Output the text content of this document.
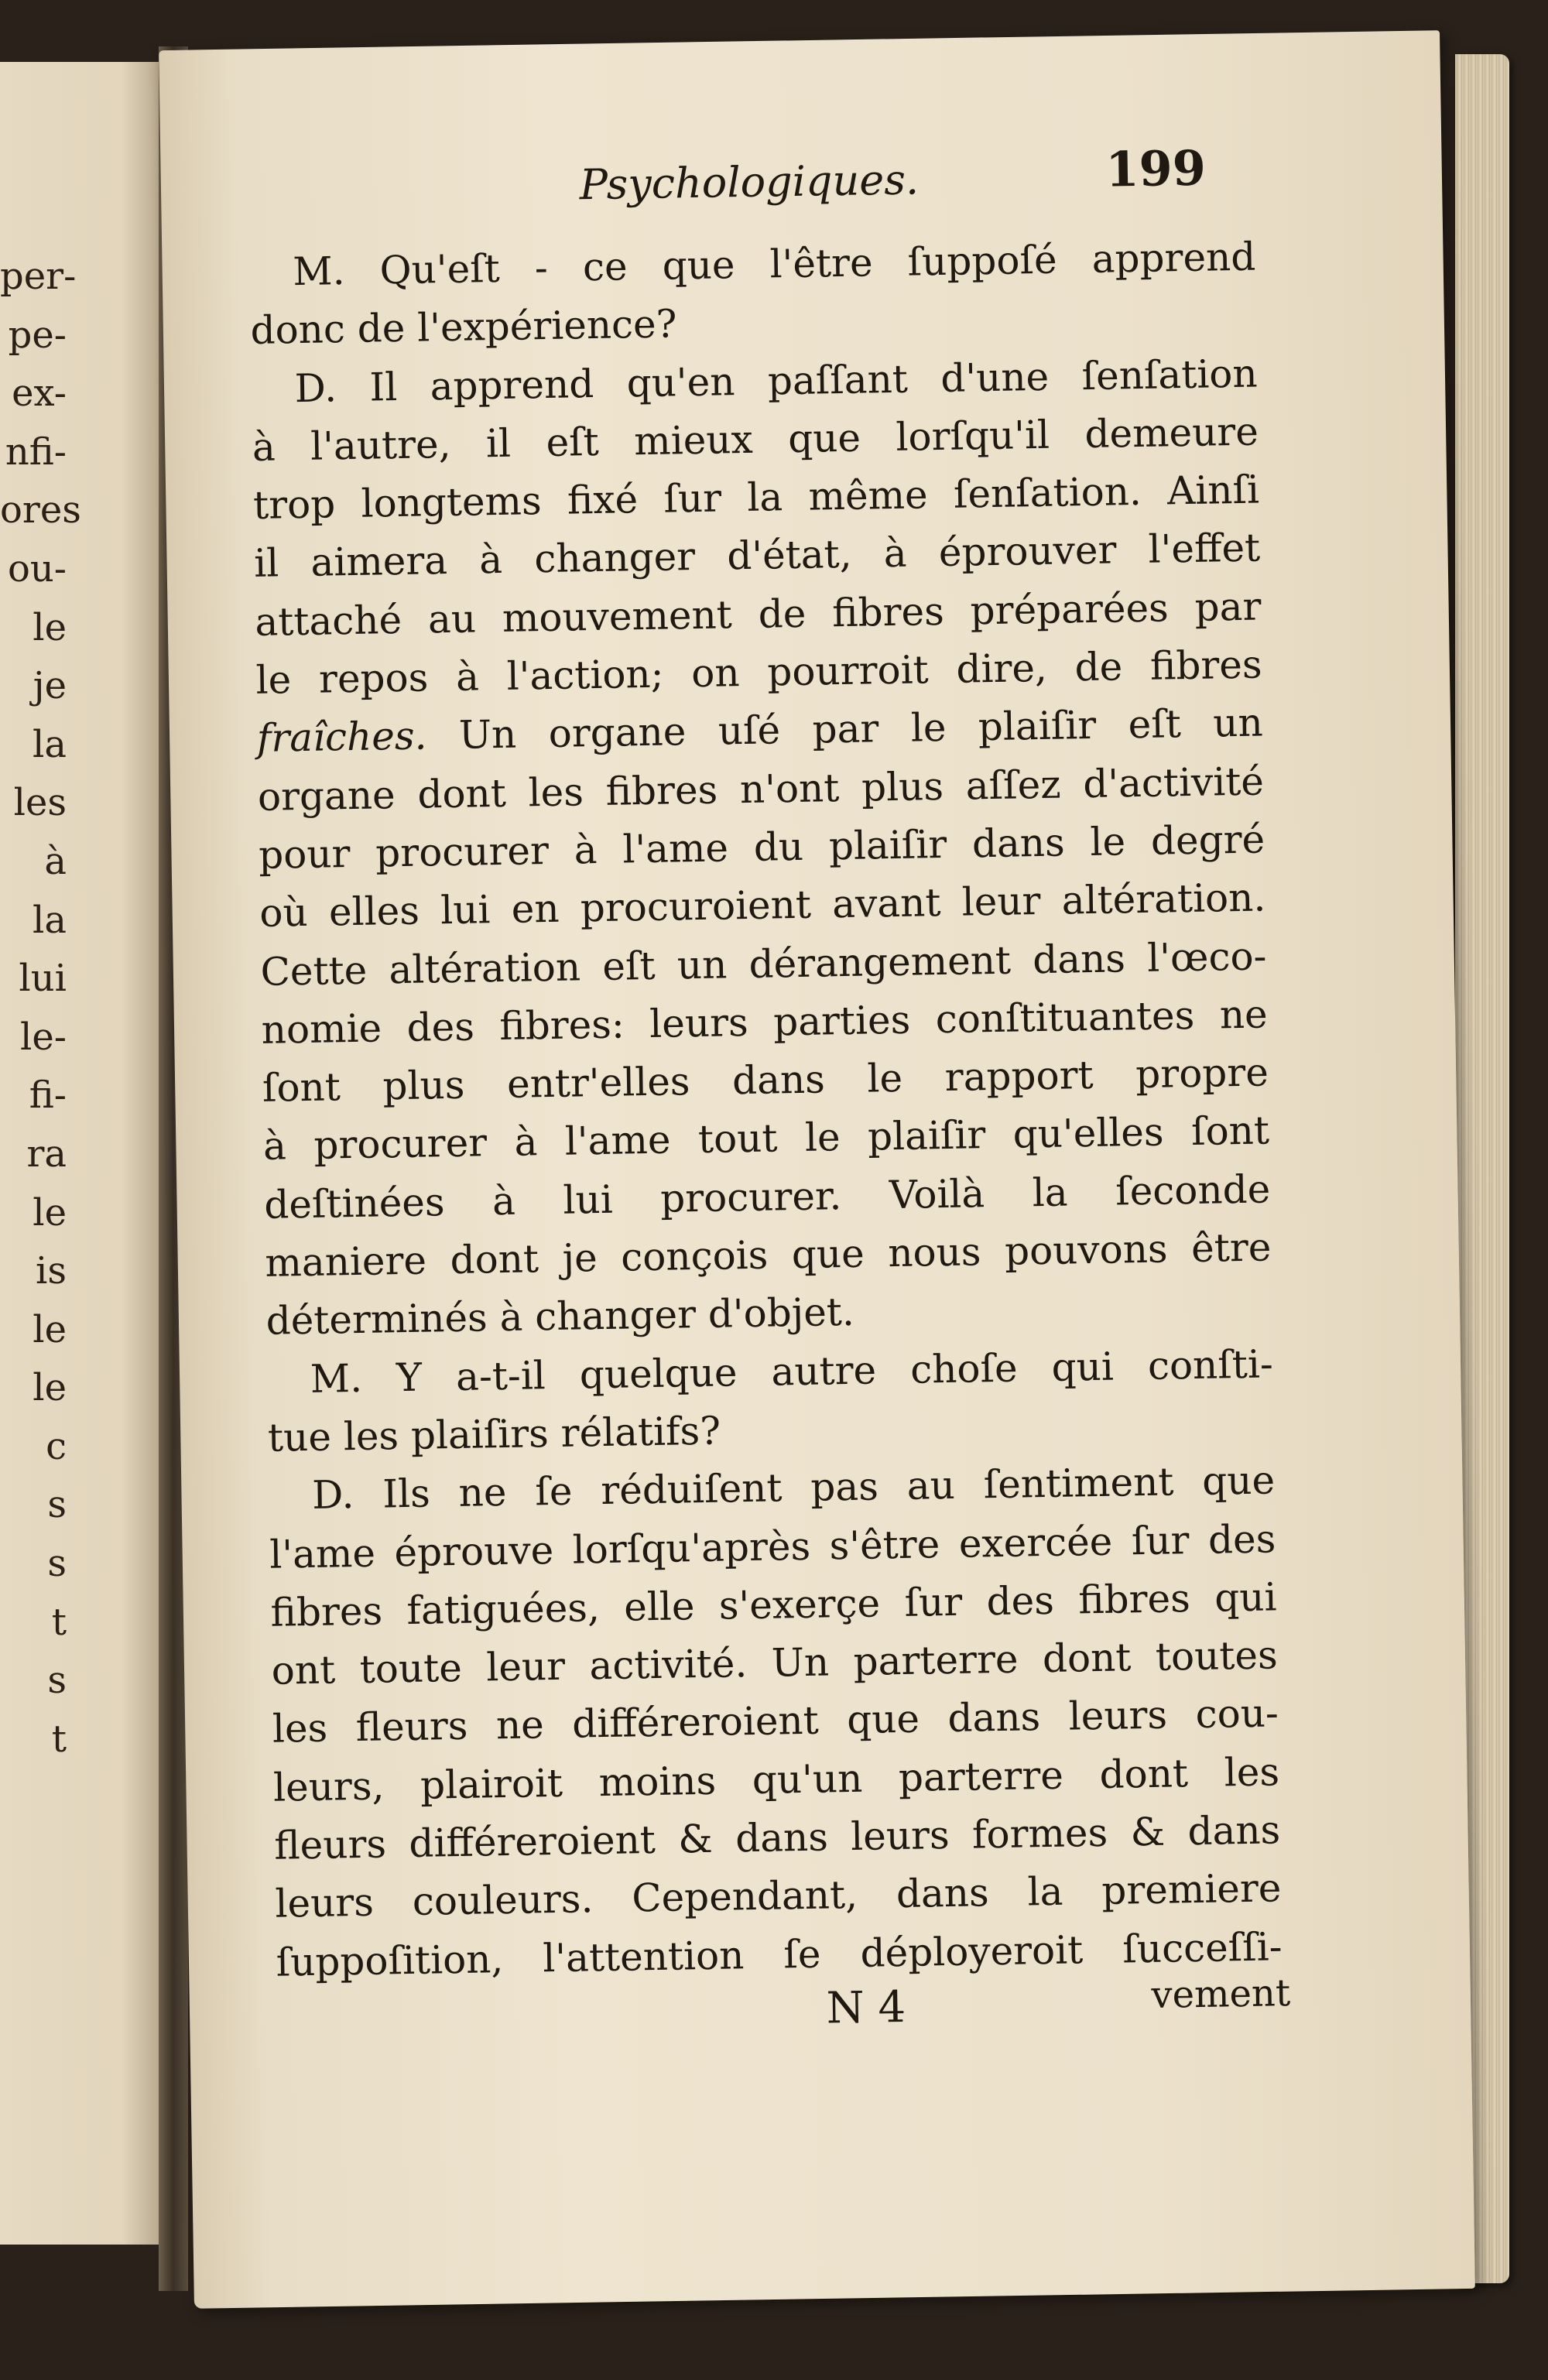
per-
pe-
ex-
nfi-
ores
ou-
le
je
la
les
à
la
lui
le-
fi-
ra
le
is
le
le
c
s
s
t
s
t
Psychologiques.	199
M. Qu'eſt - ce que l'être ſuppoſé apprend
donc de l'expérience?
D. Il apprend qu'en paſſant d'une ſenſation
à l'autre, il eſt mieux que lorſqu'il demeure
trop longtems fixé ſur la même ſenſation. Ainſi
il aimera à changer d'état, à éprouver l'effet
attaché au mouvement de fibres préparées par
le repos à l'action; on pourroit dire, de fibres
fraîches. Un organe uſé par le plaiſir eſt un
organe dont les fibres n'ont plus aſſez d'activité
pour procurer à l'ame du plaiſir dans le degré
où elles lui en procuroient avant leur altération.
Cette altération eſt un dérangement dans l'œco-
nomie des fibres: leurs parties conſtituantes ne
ſont plus entr'elles dans le rapport propre
à procurer à l'ame tout le plaiſir qu'elles ſont
deſtinées à lui procurer. Voilà la ſeconde
maniere dont je conçois que nous pouvons être
déterminés à changer d'objet.
M. Y a-t-il quelque autre choſe qui conſti-
tue les plaiſirs rélatifs?
D. Ils ne ſe réduiſent pas au ſentiment que
l'ame éprouve lorſqu'après s'être exercée ſur des
fibres fatiguées, elle s'exerçe ſur des fibres qui
ont toute leur activité. Un parterre dont toutes
les fleurs ne différeroient que dans leurs cou-
leurs, plairoit moins qu'un parterre dont les
fleurs différeroient & dans leurs formes & dans
leurs couleurs. Cependant, dans la premiere
ſuppoſition, l'attention ſe déployeroit ſucceſſi-
N 4	vement
